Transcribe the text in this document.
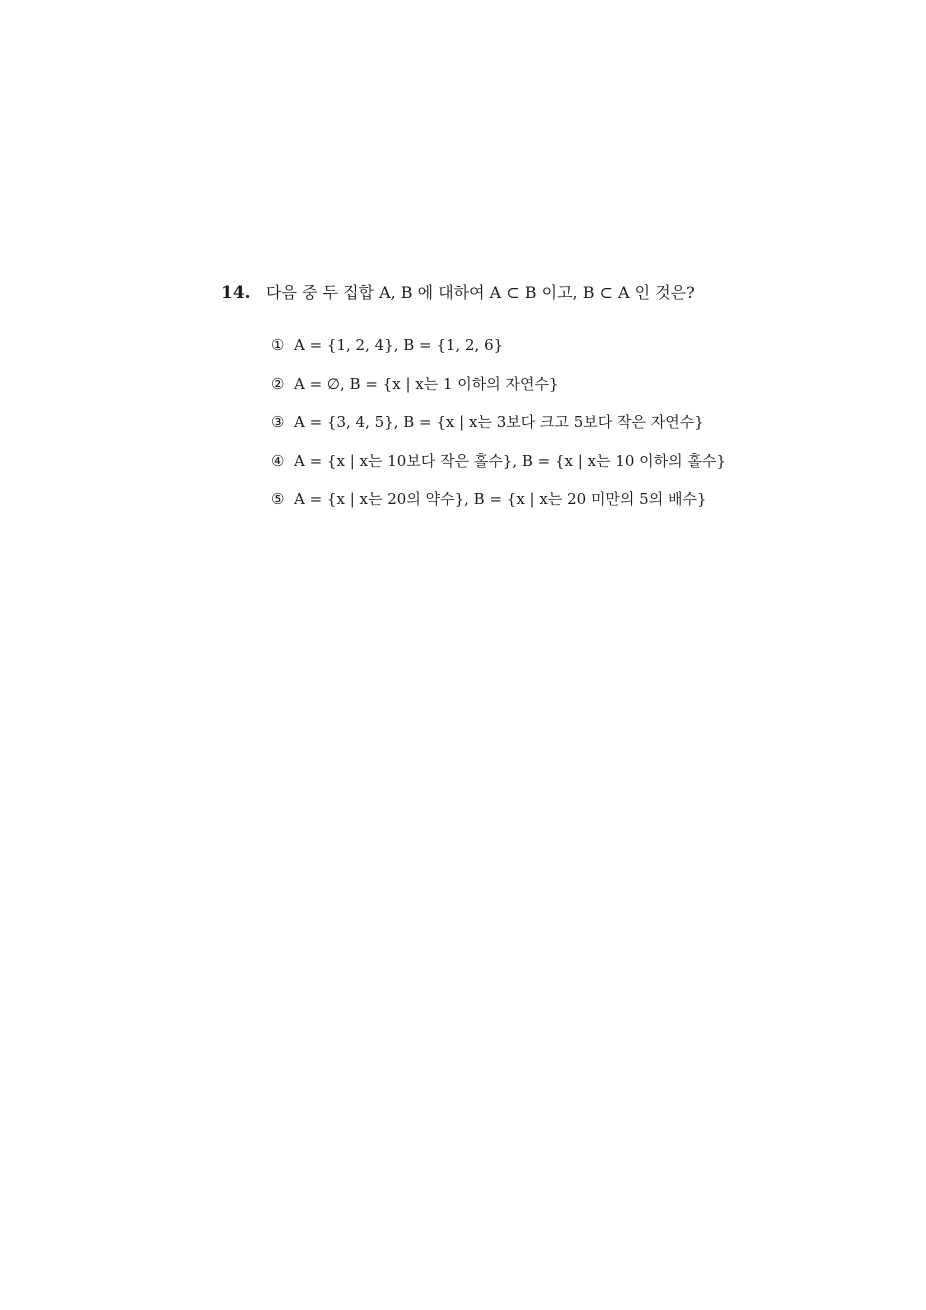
14. 다음 중 두 집합 A, B 에 대하여 A ⊂ B 이고, B ⊂ A 인 것은?
① A = {1, 2, 4}, B = {1, 2, 6}
② A = ∅, B = {x | x는 1 이하의 자연수}
③ A = {3, 4, 5}, B = {x | x는 3보다 크고 5보다 작은 자연수}
④ A = {x | x는 10보다 작은 홀수}, B = {x | x는 10 이하의 홀수}
⑤ A = {x | x는 20의 약수}, B = {x | x는 20 미만의 5의 배수}
